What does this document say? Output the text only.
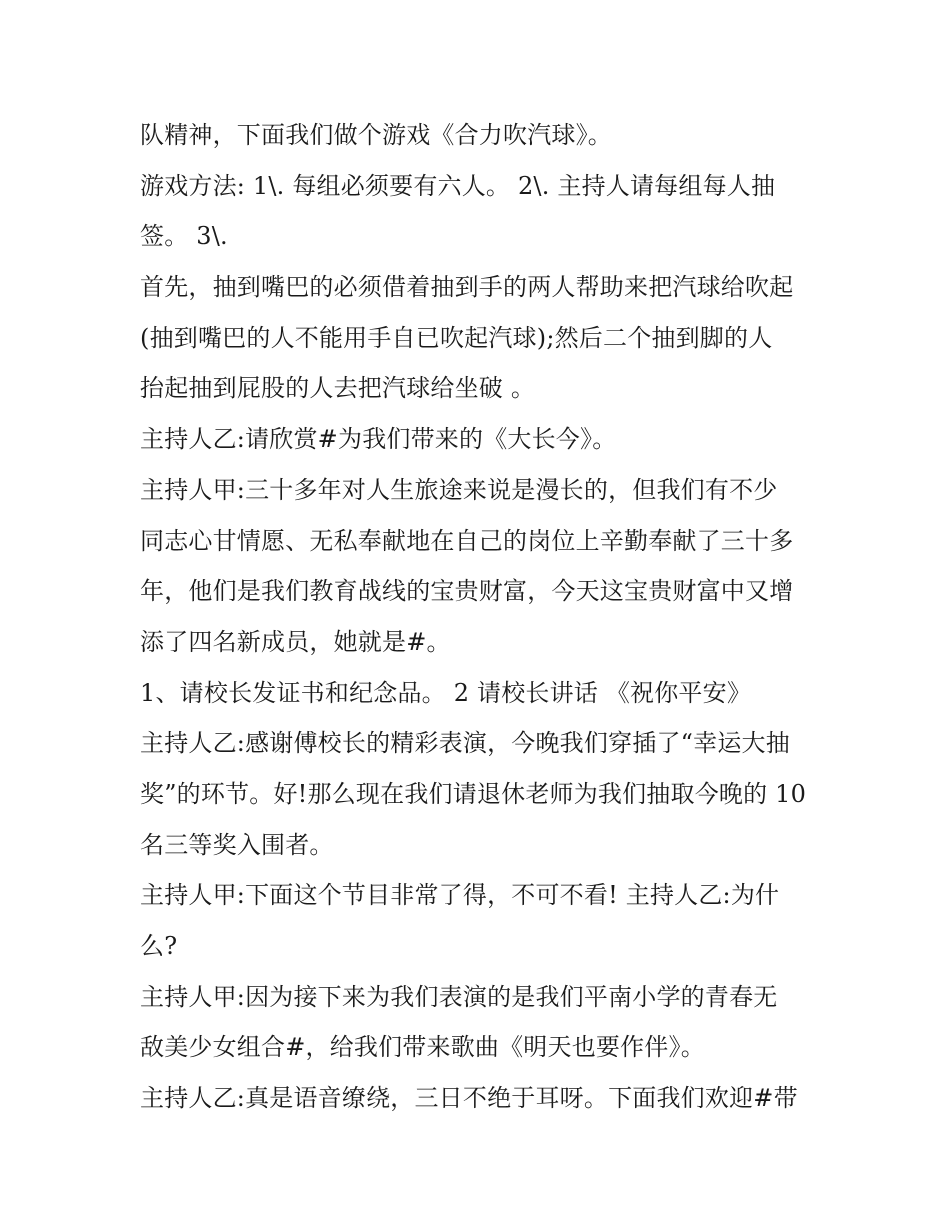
队精神，下面我们做个游戏《合力吹汽球》。
游戏方法: 1\. 每组必须要有六人。 2\. 主持人请每组每人抽
签。 3\.
首先，抽到嘴巴的必须借着抽到手的两人帮助来把汽球给吹起
(抽到嘴巴的人不能用手自已吹起汽球);然后二个抽到脚的人
抬起抽到屁股的人去把汽球给坐破 。
主持人乙:请欣赏#为我们带来的《大长今》。
主持人甲:三十多年对人生旅途来说是漫长的，但我们有不少
同志心甘情愿、无私奉献地在自己的岗位上辛勤奉献了三十多
年，他们是我们教育战线的宝贵财富，今天这宝贵财富中又增
添了四名新成员，她就是#。
1、请校长发证书和纪念品。 2 请校长讲话 《祝你平安》
主持人乙:感谢傅校长的精彩表演，今晚我们穿插了“幸运大抽
奖”的环节。好!那么现在我们请退休老师为我们抽取今晚的 10
名三等奖入围者。
主持人甲:下面这个节目非常了得，不可不看! 主持人乙:为什
么?
主持人甲:因为接下来为我们表演的是我们平南小学的青春无
敌美少女组合#，给我们带来歌曲《明天也要作伴》。
主持人乙:真是语音缭绕，三日不绝于耳呀。下面我们欢迎#带
